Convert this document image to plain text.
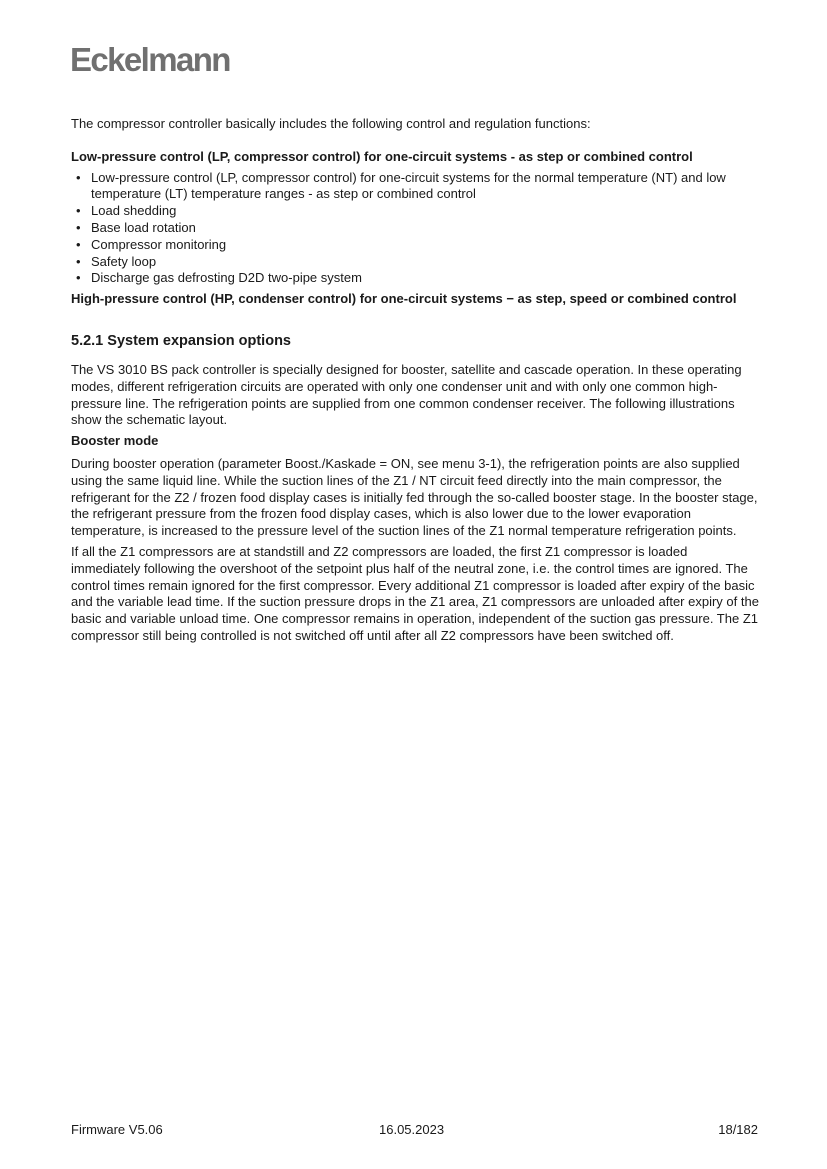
Eckelmann

The compressor controller basically includes the following control and regulation functions:

Low-pressure control (LP, compressor control) for one-circuit systems - as step or combined control

• Low-pressure control (LP, compressor control) for one-circuit systems for the normal temperature (NT) and low temperature (LT) temperature ranges - as step or combined control
• Load shedding
• Base load rotation
• Compressor monitoring
• Safety loop
• Discharge gas defrosting D2D two-pipe system

High-pressure control (HP, condenser control) for one-circuit systems − as step, speed or combined control

5.2.1 System expansion options

The VS 3010 BS pack controller is specially designed for booster, satellite and cascade operation. In these operating modes, different refrigeration circuits are operated with only one condenser unit and with only one common high-pressure line. The refrigeration points are supplied from one common condenser receiver. The following illustrations show the schematic layout.

Booster mode

During booster operation (parameter Boost./Kaskade = ON, see menu 3-1), the refrigeration points are also supplied using the same liquid line. While the suction lines of the Z1 / NT circuit feed directly into the main compressor, the refrigerant for the Z2 / frozen food display cases is initially fed through the so-called booster stage. In the booster stage, the refrigerant pressure from the frozen food display cases, which is also lower due to the lower evaporation temperature, is increased to the pressure level of the suction lines of the Z1 normal temperature refrigeration points.

If all the Z1 compressors are at standstill and Z2 compressors are loaded, the first Z1 compressor is loaded immediately following the overshoot of the setpoint plus half of the neutral zone, i.e. the control times are ignored. The control times remain ignored for the first compressor. Every additional Z1 compressor is loaded after expiry of the basic and the variable lead time. If the suction pressure drops in the Z1 area, Z1 compressors are unloaded after expiry of the basic and variable unload time. One compressor remains in operation, independent of the suction gas pressure. The Z1 compressor still being controlled is not switched off until after all Z2 compressors have been switched off.

Firmware V5.06	16.05.2023	18/182
